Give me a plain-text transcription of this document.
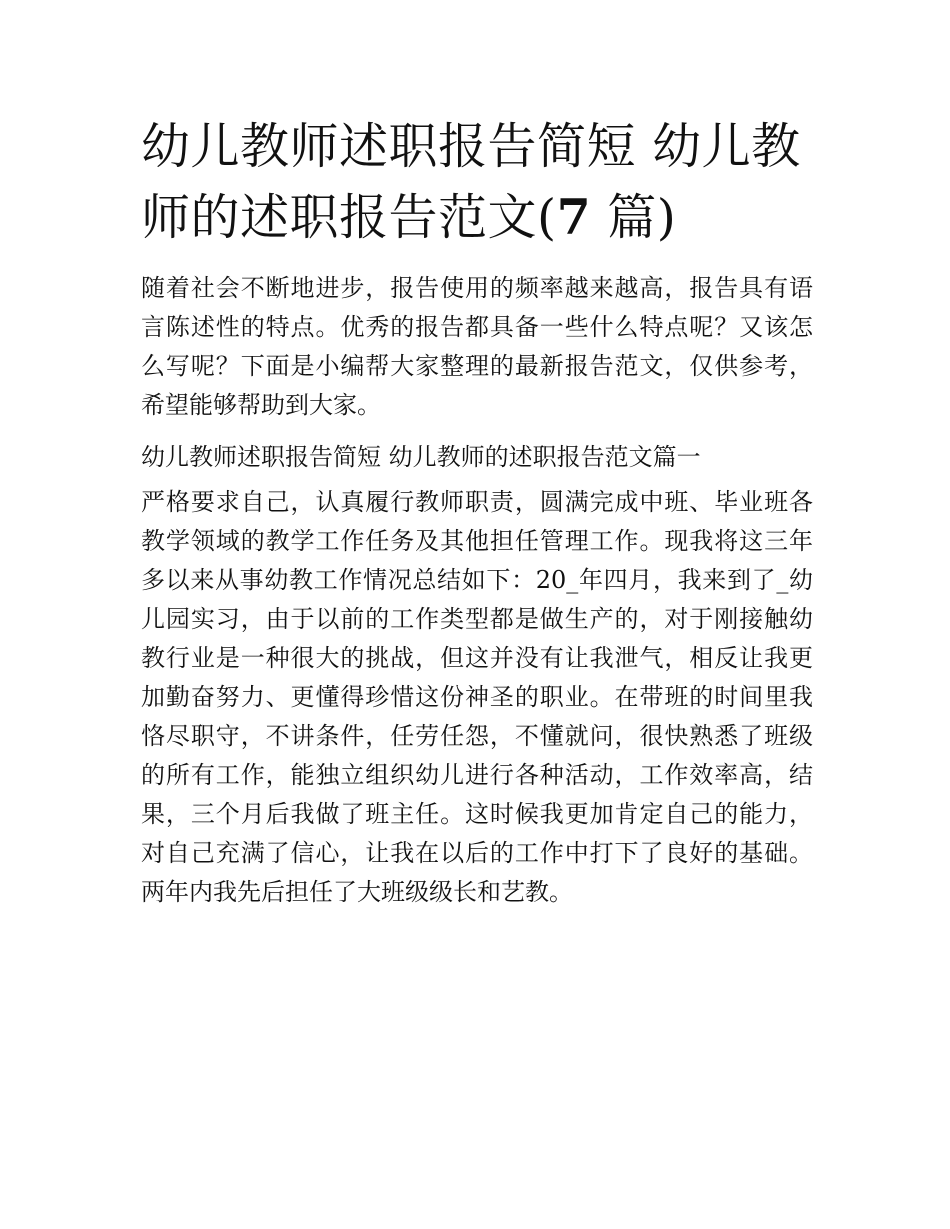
幼儿教师述职报告简短 幼儿教
师的述职报告范文(7 篇)
随着社会不断地进步，报告使用的频率越来越高，报告具有语
言陈述性的特点。优秀的报告都具备一些什么特点呢？又该怎
么写呢？下面是小编帮大家整理的最新报告范文，仅供参考，
希望能够帮助到大家。
幼儿教师述职报告简短 幼儿教师的述职报告范文篇一
严格要求自己，认真履行教师职责，圆满完成中班、毕业班各
教学领域的教学工作任务及其他担任管理工作。现我将这三年
多以来从事幼教工作情况总结如下：20_年四月，我来到了_幼
儿园实习，由于以前的工作类型都是做生产的，对于刚接触幼
教行业是一种很大的挑战，但这并没有让我泄气，相反让我更
加勤奋努力、更懂得珍惜这份神圣的职业。在带班的时间里我
恪尽职守，不讲条件，任劳任怨，不懂就问，很快熟悉了班级
的所有工作，能独立组织幼儿进行各种活动，工作效率高，结
果，三个月后我做了班主任。这时候我更加肯定自己的能力，
对自己充满了信心，让我在以后的工作中打下了良好的基础。
两年内我先后担任了大班级级长和艺教。
